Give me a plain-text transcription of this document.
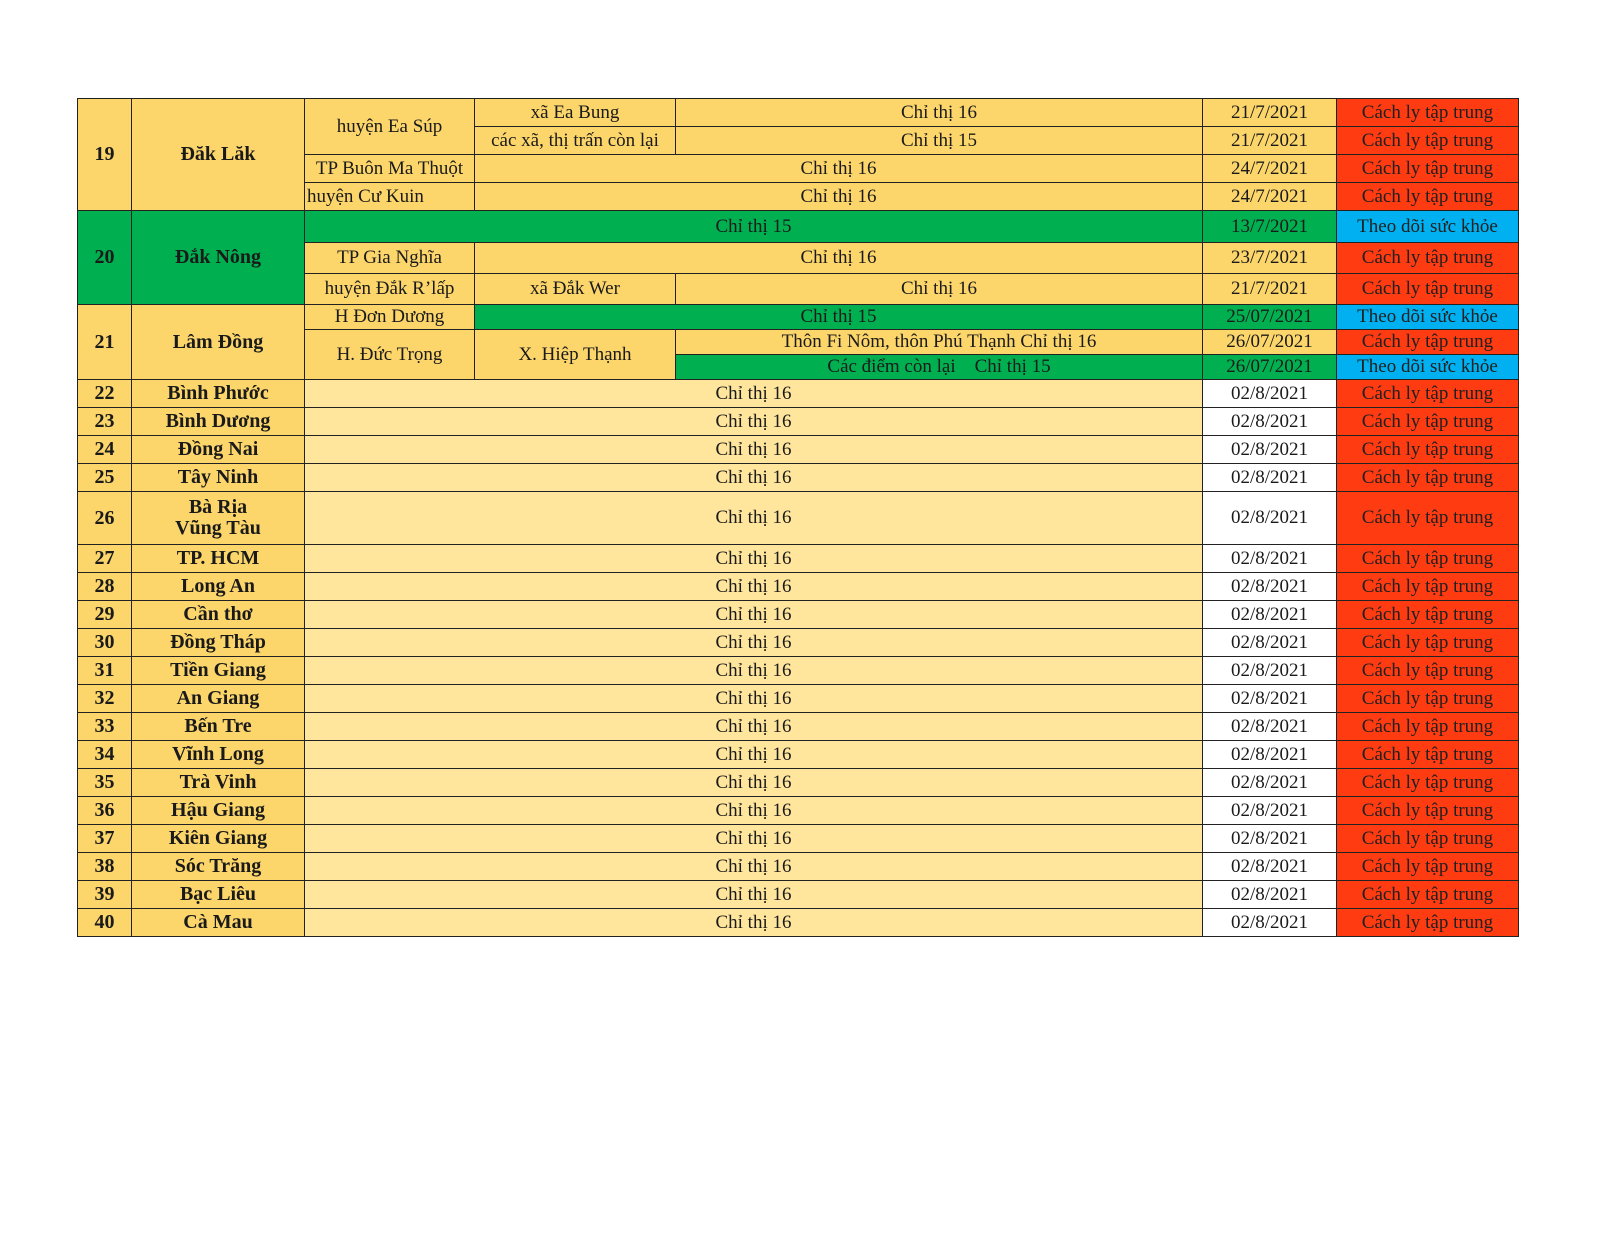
19	Đăk Lăk	huyện Ea Súp	xã Ea Bung	Chỉ thị 16	21/7/2021	Cách ly tập trung
			các xã, thị trấn còn lại	Chỉ thị 15	21/7/2021	Cách ly tập trung
		TP Buôn Ma Thuột	Chỉ thị 16		24/7/2021	Cách ly tập trung
		huyện Cư Kuin	Chỉ thị 16		24/7/2021	Cách ly tập trung
20	Đắk Nông	Chỉ thị 15			13/7/2021	Theo dõi sức khỏe
		TP Gia Nghĩa	Chỉ thị 16		23/7/2021	Cách ly tập trung
		huyện Đắk R’lấp	xã Đắk Wer	Chỉ thị 16	21/7/2021	Cách ly tập trung
21	Lâm Đồng	H Đơn Dương	Chỉ thị 15		25/07/2021	Theo dõi sức khỏe
		H. Đức Trọng	X. Hiệp Thạnh	Thôn Fi Nôm, thôn Phú Thạnh Chỉ thị 16	26/07/2021	Cách ly tập trung
				Các điểm còn lại    Chỉ thị 15	26/07/2021	Theo dõi sức khỏe
22	Bình Phước	Chỉ thị 16			02/8/2021	Cách ly tập trung
23	Bình Dương	Chỉ thị 16			02/8/2021	Cách ly tập trung
24	Đồng Nai	Chỉ thị 16			02/8/2021	Cách ly tập trung
25	Tây Ninh	Chỉ thị 16			02/8/2021	Cách ly tập trung
26	Bà Rịa
Vũng Tàu	Chỉ thị 16			02/8/2021	Cách ly tập trung
27	TP. HCM	Chỉ thị 16			02/8/2021	Cách ly tập trung
28	Long An	Chỉ thị 16			02/8/2021	Cách ly tập trung
29	Cần thơ	Chỉ thị 16			02/8/2021	Cách ly tập trung
30	Đồng Tháp	Chỉ thị 16			02/8/2021	Cách ly tập trung
31	Tiền Giang	Chỉ thị 16			02/8/2021	Cách ly tập trung
32	An Giang	Chỉ thị 16			02/8/2021	Cách ly tập trung
33	Bến Tre	Chỉ thị 16			02/8/2021	Cách ly tập trung
34	Vĩnh Long	Chỉ thị 16			02/8/2021	Cách ly tập trung
35	Trà Vinh	Chỉ thị 16			02/8/2021	Cách ly tập trung
36	Hậu Giang	Chỉ thị 16			02/8/2021	Cách ly tập trung
37	Kiên Giang	Chỉ thị 16			02/8/2021	Cách ly tập trung
38	Sóc Trăng	Chỉ thị 16			02/8/2021	Cách ly tập trung
39	Bạc Liêu	Chỉ thị 16			02/8/2021	Cách ly tập trung
40	Cà Mau	Chỉ thị 16			02/8/2021	Cách ly tập trung
